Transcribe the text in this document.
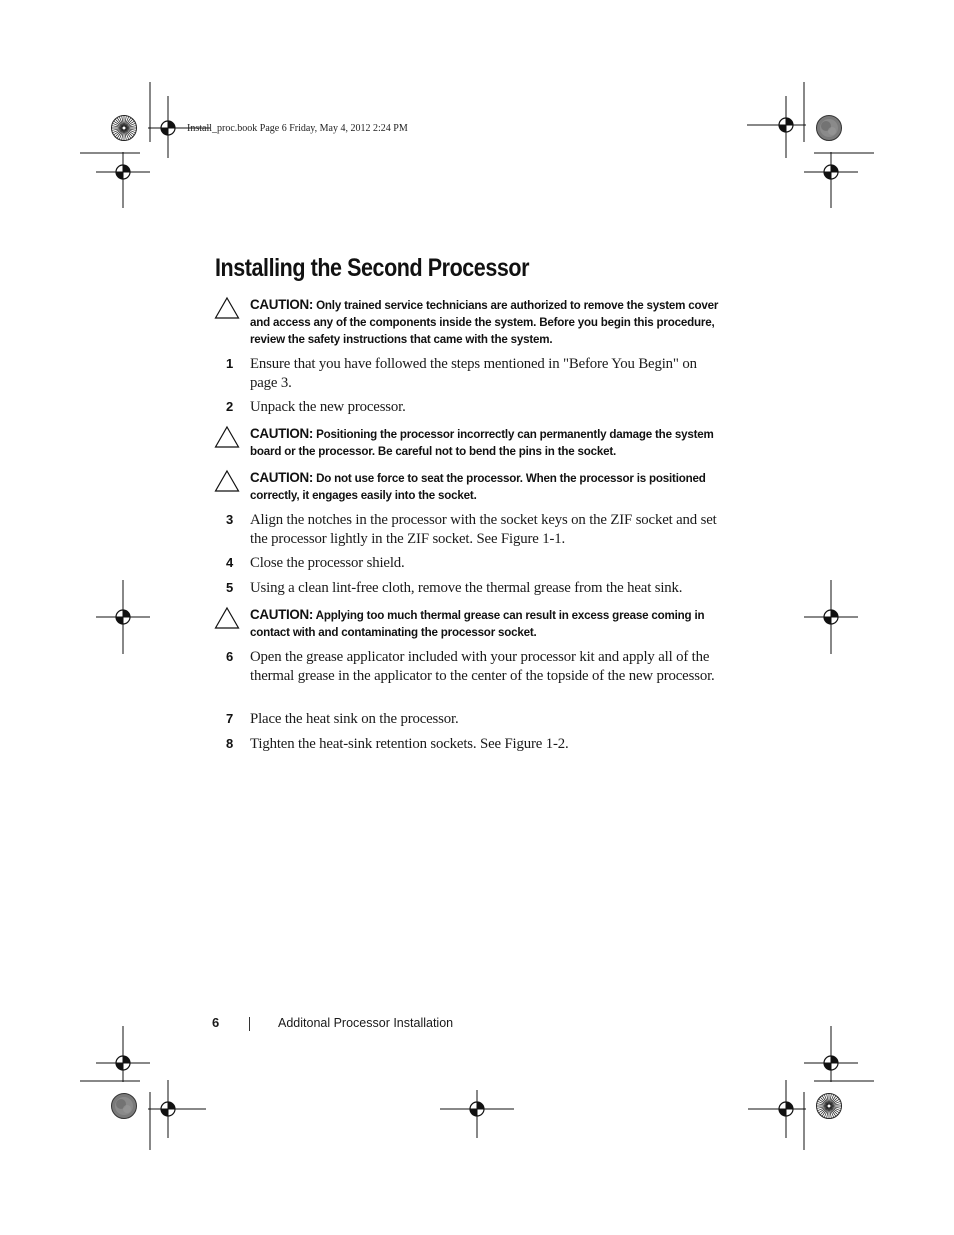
Install_proc.book Page 6 Friday, May 4, 2012 2:24 PM
Installing the Second Processor
CAUTION: Only trained service technicians are authorized to remove the system cover and access any of the components inside the system. Before you begin this procedure, review the safety instructions that came with the system.
1	Ensure that you have followed the steps mentioned in "Before You Begin" on page 3.
2	Unpack the new processor.
CAUTION: Positioning the processor incorrectly can permanently damage the system board or the processor. Be careful not to bend the pins in the socket.
CAUTION: Do not use force to seat the processor. When the processor is positioned correctly, it engages easily into the socket.
3	Align the notches in the processor with the socket keys on the ZIF socket and set the processor lightly in the ZIF socket. See Figure 1-1.
4	Close the processor shield.
5	Using a clean lint-free cloth, remove the thermal grease from the heat sink.
CAUTION: Applying too much thermal grease can result in excess grease coming in contact with and contaminating the processor socket.
6	Open the grease applicator included with your processor kit and apply all of the thermal grease in the applicator to the center of the topside of the new processor.
7	Place the heat sink on the processor.
8	Tighten the heat-sink retention sockets. See Figure 1-2.
6	Additonal Processor Installation
